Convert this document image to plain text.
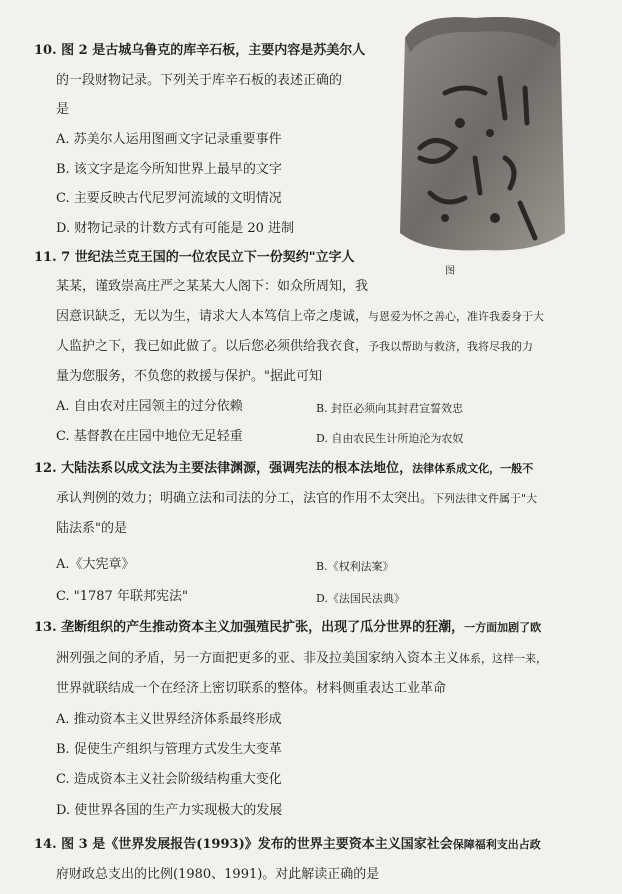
10. 图 2 是古城乌鲁克的库辛石板，主要内容是苏美尔人
的一段财物记录。下列关于库辛石板的表述正确的
是
A. 苏美尔人运用图画文字记录重要事件
B. 该文字是迄今所知世界上最早的文字
C. 主要反映古代尼罗河流域的文明情况
D. 财物记录的计数方式有可能是 20 进制
图
11. 7 世纪法兰克王国的一位农民立下一份契约"立字人
某某，谨致崇高庄严之某某大人阁下：如众所周知，我
因意识缺乏，无以为生，请求大人本笃信上帝之虔诚，与恩爱为怀之善心，准许我委身于大
人监护之下，我已如此做了。以后您必须供给我衣食，予我以帮助与救济，我将尽我的力
量为您服务，不负您的救援与保护。"据此可知
A. 自由农对庄园领主的过分依赖	B. 封臣必须向其封君宣誓效忠
C. 基督教在庄园中地位无足轻重	D. 自由农民生计所迫沦为农奴
12. 大陆法系以成文法为主要法律渊源，强调宪法的根本法地位，法律体系成文化，一般不
承认判例的效力；明确立法和司法的分工，法官的作用不太突出。下列法律文件属于"大
陆法系"的是
A.《大宪章》	B.《权利法案》
C. "1787 年联邦宪法"	D.《法国民法典》
13. 垄断组织的产生推动资本主义加强殖民扩张，出现了瓜分世界的狂潮，一方面加剧了欧
洲列强之间的矛盾，另一方面把更多的亚、非及拉美国家纳入资本主义体系，这样一来，
世界就联结成一个在经济上密切联系的整体。材料侧重表达工业革命
A. 推动资本主义世界经济体系最终形成
B. 促使生产组织与管理方式发生大变革
C. 造成资本主义社会阶级结构重大变化
D. 使世界各国的生产力实现极大的发展
14. 图 3 是《世界发展报告(1993)》发布的世界主要资本主义国家社会保障福利支出占政
府财政总支出的比例(1980、1991)。对此解读正确的是
